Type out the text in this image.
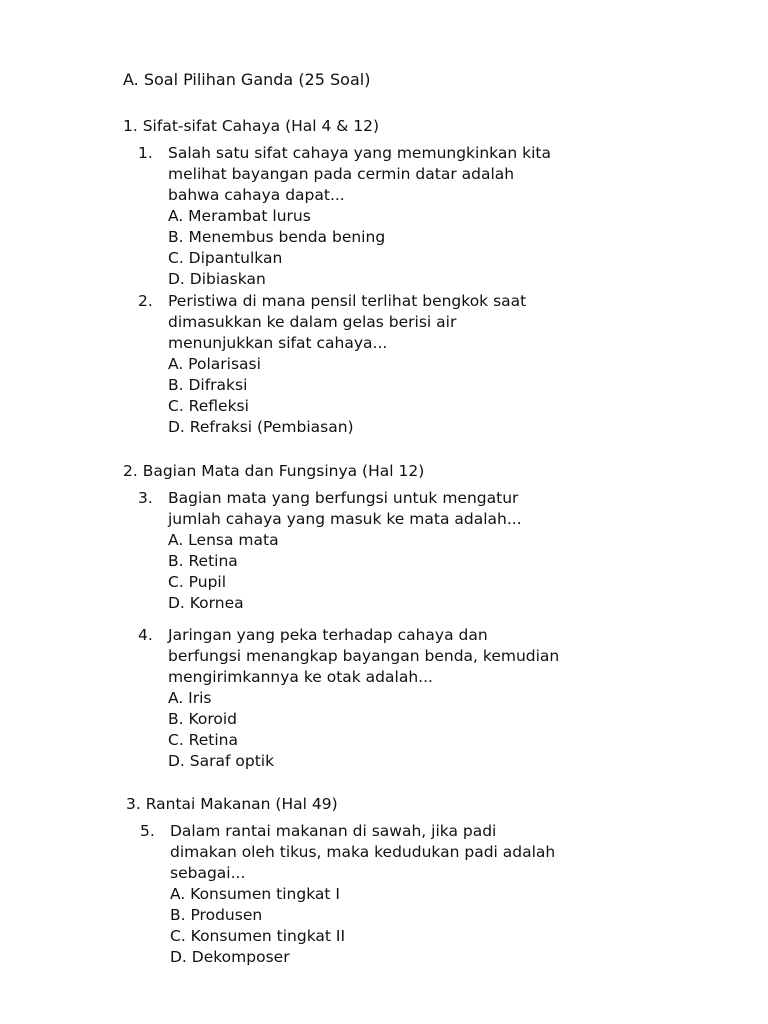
A. Soal Pilihan Ganda (25 Soal)
1. Sifat-sifat Cahaya (Hal 4 & 12)
1. Salah satu sifat cahaya yang memungkinkan kita
melihat bayangan pada cermin datar adalah
bahwa cahaya dapat...

A. Merambat lurus
B. Menembus benda bening
C. Dipantulkan
D. Dibiaskan
2. Peristiwa di mana pensil terlihat bengkok saat
dimasukkan ke dalam gelas berisi air
menunjukkan sifat cahaya...

A. Polarisasi
B. Difraksi
C. Refleksi
D. Refraksi (Pembiasan)
2. Bagian Mata dan Fungsinya (Hal 12)
3. Bagian mata yang berfungsi untuk mengatur
jumlah cahaya yang masuk ke mata adalah...

A. Lensa mata
B. Retina
C. Pupil
D. Kornea
4. Jaringan yang peka terhadap cahaya dan
berfungsi menangkap bayangan benda, kemudian
mengirimkannya ke otak adalah...

A. Iris
B. Koroid
C. Retina
D. Saraf optik
3. Rantai Makanan (Hal 49)
5. Dalam rantai makanan di sawah, jika padi
dimakan oleh tikus, maka kedudukan padi adalah
sebagai...

A. Konsumen tingkat I
B. Produsen
C. Konsumen tingkat II
D. Dekomposer
